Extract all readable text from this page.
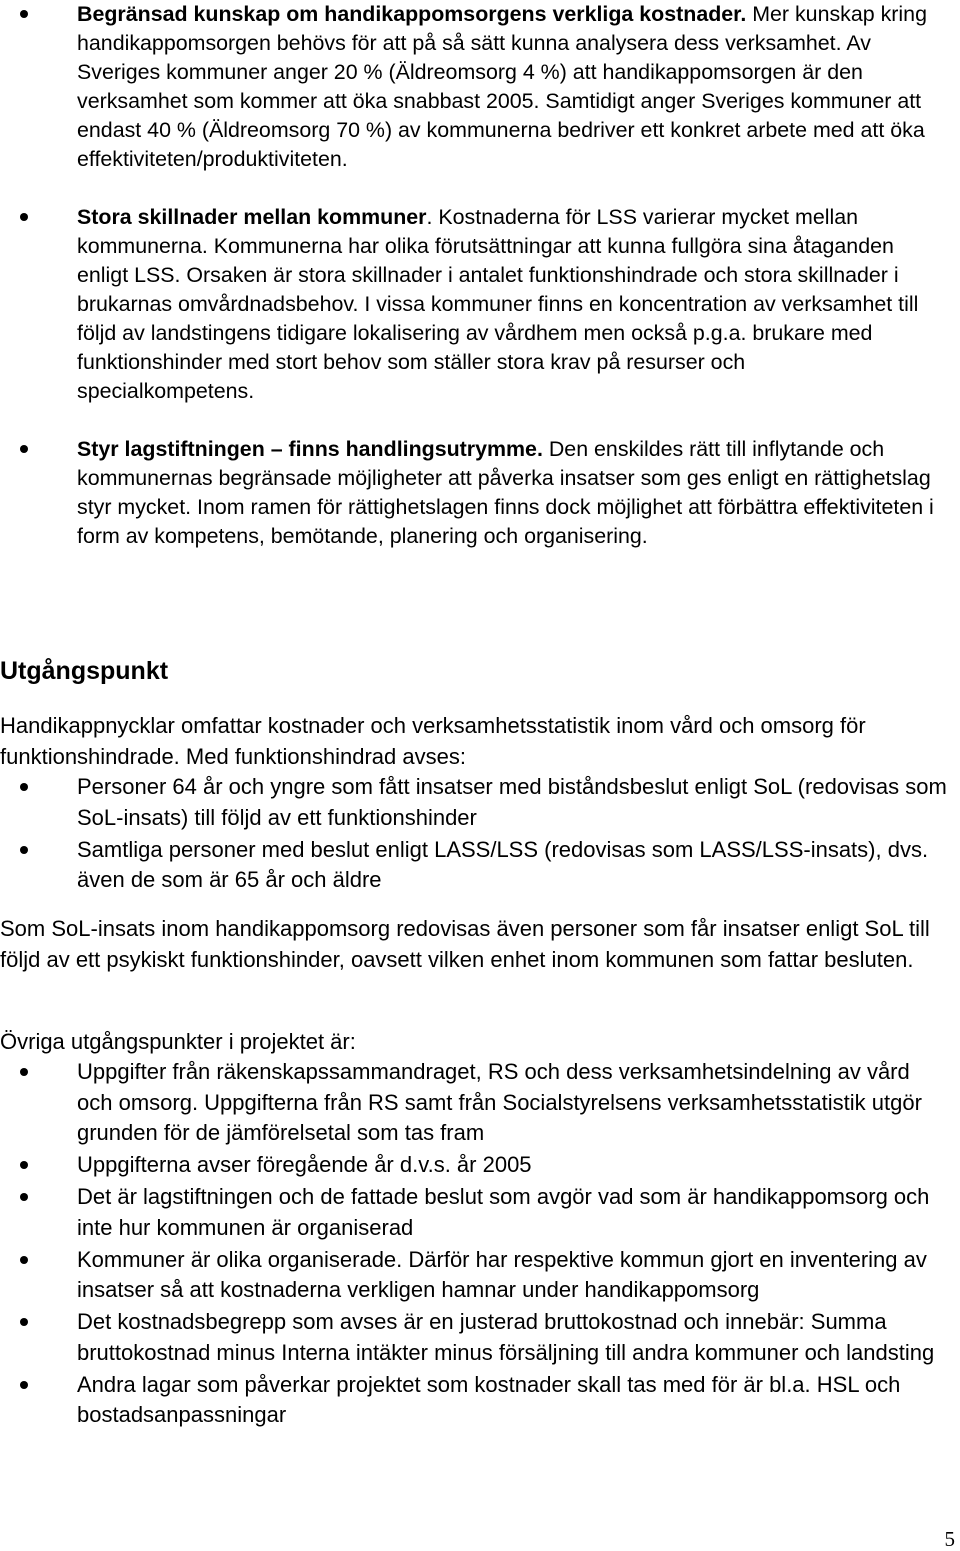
Begränsad kunskap om handikappomsorgens verkliga kostnader. Mer kunskap kring handikappomsorgen behövs för att på så sätt kunna analysera dess verksamhet. Av Sveriges kommuner anger 20 % (Äldreomsorg 4 %) att handikappomsorgen är den verksamhet som kommer att öka snabbast 2005. Samtidigt anger Sveriges kommuner att endast 40 % (Äldreomsorg 70 %) av kommunerna bedriver ett konkret arbete med att öka effektiviteten/produktiviteten.
Stora skillnader mellan kommuner. Kostnaderna för LSS varierar mycket mellan kommunerna. Kommunerna har olika förutsättningar att kunna fullgöra sina åtaganden enligt LSS. Orsaken är stora skillnader i antalet funktionshindrade och stora skillnader i brukarnas omvårdnadsbehov. I vissa kommuner finns en koncentration av verksamhet till följd av landstingens tidigare lokalisering av vårdhem men också p.g.a. brukare med funktionshinder med stort behov som ställer stora krav på resurser och specialkompetens.
Styr lagstiftningen – finns handlingsutrymme. Den enskildes rätt till inflytande och kommunernas begränsade möjligheter att påverka insatser som ges enligt en rättighetslag styr mycket. Inom ramen för rättighetslagen finns dock möjlighet att förbättra effektiviteten i form av kompetens, bemötande, planering och organisering.
Utgångspunkt

Handikappnycklar omfattar kostnader och verksamhetsstatistik inom vård och omsorg för funktionshindrade. Med funktionshindrad avses:

Personer 64 år och yngre som fått insatser med biståndsbeslut enligt SoL (redovisas som SoL-insats) till följd av ett funktionshinder
Samtliga personer med beslut enligt LASS/LSS (redovisas som LASS/LSS-insats), dvs. även de som är 65 år och äldre

Som SoL-insats inom handikappomsorg redovisas även personer som får insatser enligt SoL till följd av ett psykiskt funktionshinder, oavsett vilken enhet inom kommunen som fattar besluten.

Övriga utgångspunkter i projektet är:

Uppgifter från räkenskapssammandraget, RS och dess verksamhetsindelning av vård och omsorg. Uppgifterna från RS samt från Socialstyrelsens verksamhetsstatistik utgör grunden för de jämförelsetal som tas fram
Uppgifterna avser föregående år d.v.s. år 2005
Det är lagstiftningen och de fattade beslut som avgör vad som är handikappomsorg och inte hur kommunen är organiserad
Kommuner är olika organiserade. Därför har respektive kommun gjort en inventering av insatser så att kostnaderna verkligen hamnar under handikappomsorg
Det kostnadsbegrepp som avses är en justerad bruttokostnad och innebär: Summa bruttokostnad minus Interna intäkter minus försäljning till andra kommuner och landsting
Andra lagar som påverkar projektet som kostnader skall tas med för är bl.a. HSL och bostadsanpassningar
5
